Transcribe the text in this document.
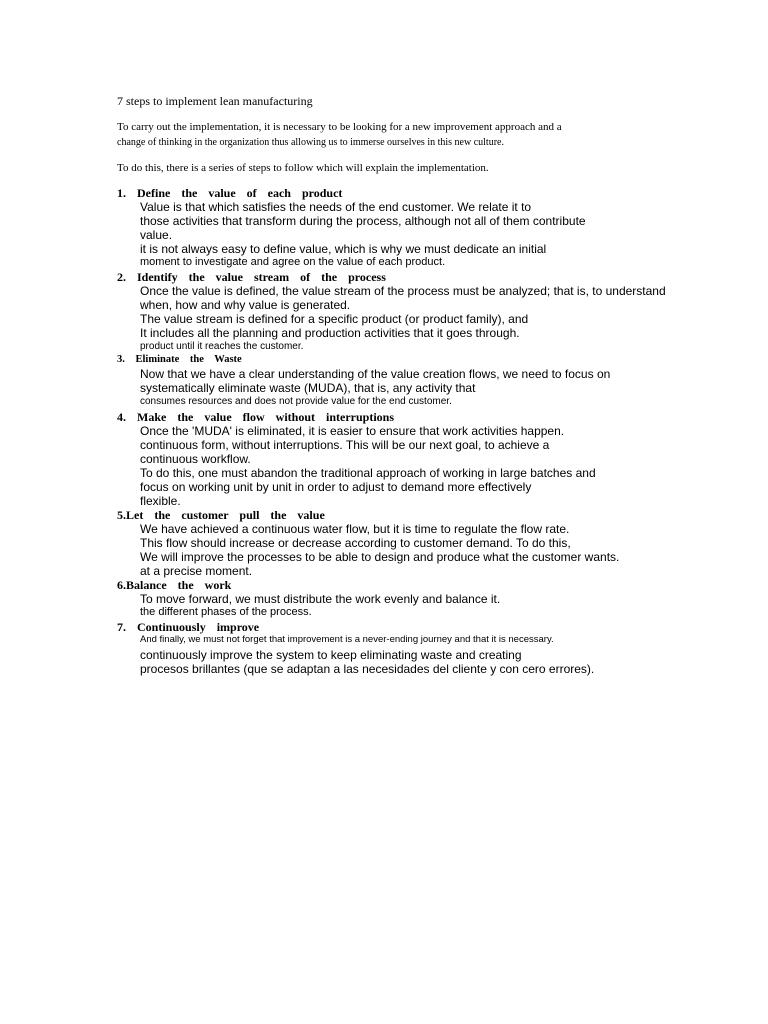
7 steps to implement lean manufacturing

To carry out the implementation, it is necessary to be looking for a new improvement approach and a

change of thinking in the organization thus allowing us to immerse ourselves in this new culture.

To do this, there is a series of steps to follow which will explain the implementation.

1. Define the value of each product

Value is that which satisfies the needs of the end customer. We relate it to

those activities that transform during the process, although not all of them contribute

value.

it is not always easy to define value, which is why we must dedicate an initial

moment to investigate and agree on the value of each product.

2. Identify the value stream of the process

Once the value is defined, the value stream of the process must be analyzed; that is, to understand

when, how and why value is generated.

The value stream is defined for a specific product (or product family), and

It includes all the planning and production activities that it goes through.

product until it reaches the customer.

3. Eliminate the Waste

Now that we have a clear understanding of the value creation flows, we need to focus on

systematically eliminate waste (MUDA), that is, any activity that

consumes resources and does not provide value for the end customer.

4. Make the value flow without interruptions

Once the 'MUDA' is eliminated, it is easier to ensure that work activities happen.

continuous form, without interruptions. This will be our next goal, to achieve a

continuous workflow.

To do this, one must abandon the traditional approach of working in large batches and

focus on working unit by unit in order to adjust to demand more effectively

flexible.

5.Let the customer pull the value

We have achieved a continuous water flow, but it is time to regulate the flow rate.

This flow should increase or decrease according to customer demand. To do this,

We will improve the processes to be able to design and produce what the customer wants.

at a precise moment.

6.Balance the work

To move forward, we must distribute the work evenly and balance it.

the different phases of the process.

7. Continuously improve

And finally, we must not forget that improvement is a never-ending journey and that it is necessary.

continuously improve the system to keep eliminating waste and creating

procesos brillantes (que se adaptan a las necesidades del cliente y con cero errores).
